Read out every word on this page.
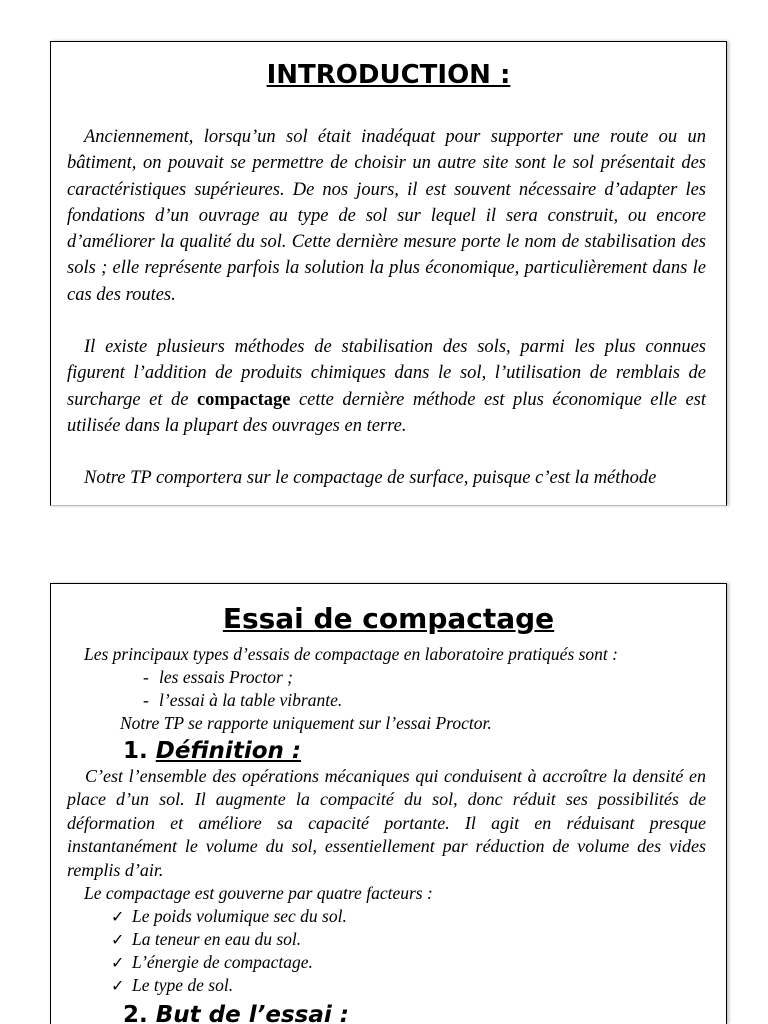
INTRODUCTION :

Anciennement, lorsqu’un sol était inadéquat pour supporter une route ou un bâtiment, on pouvait se permettre de choisir un autre site sont le sol présentait des caractéristiques supérieures. De nos jours, il est souvent nécessaire d’adapter les fondations d’un ouvrage au type de sol sur lequel il sera construit, ou encore d’améliorer la qualité du sol. Cette dernière mesure porte le nom de stabilisation des sols ; elle représente parfois la solution la plus économique, particulièrement dans le cas des routes.

Il existe plusieurs méthodes de stabilisation des sols, parmi les plus connues figurent l’addition de produits chimiques dans le sol, l’utilisation de remblais de surcharge et de compactage cette dernière méthode est plus économique elle est utilisée dans la plupart des ouvrages en terre.

Notre TP comportera sur le compactage de surface, puisque c’est la méthode

Essai de compactage

Les principaux types d’essais de compactage en laboratoire pratiqués sont :

- les essais Proctor ;

- l’essai à la table vibrante.

Notre TP se rapporte uniquement sur l’essai Proctor.

1. Définition :

C’est l’ensemble des opérations mécaniques qui conduisent à accroître la densité en place d’un sol. Il augmente la compacité du sol, donc réduit ses possibilités de déformation et améliore sa capacité portante. Il agit en réduisant presque instantanément le volume du sol, essentiellement par réduction de volume des vides remplis d’air.

Le compactage est gouverne par quatre facteurs :

✓ Le poids volumique sec du sol.

✓ La teneur en eau du sol.

✓ L’énergie de compactage.

✓ Le type de sol.

2. But de l’essai :
